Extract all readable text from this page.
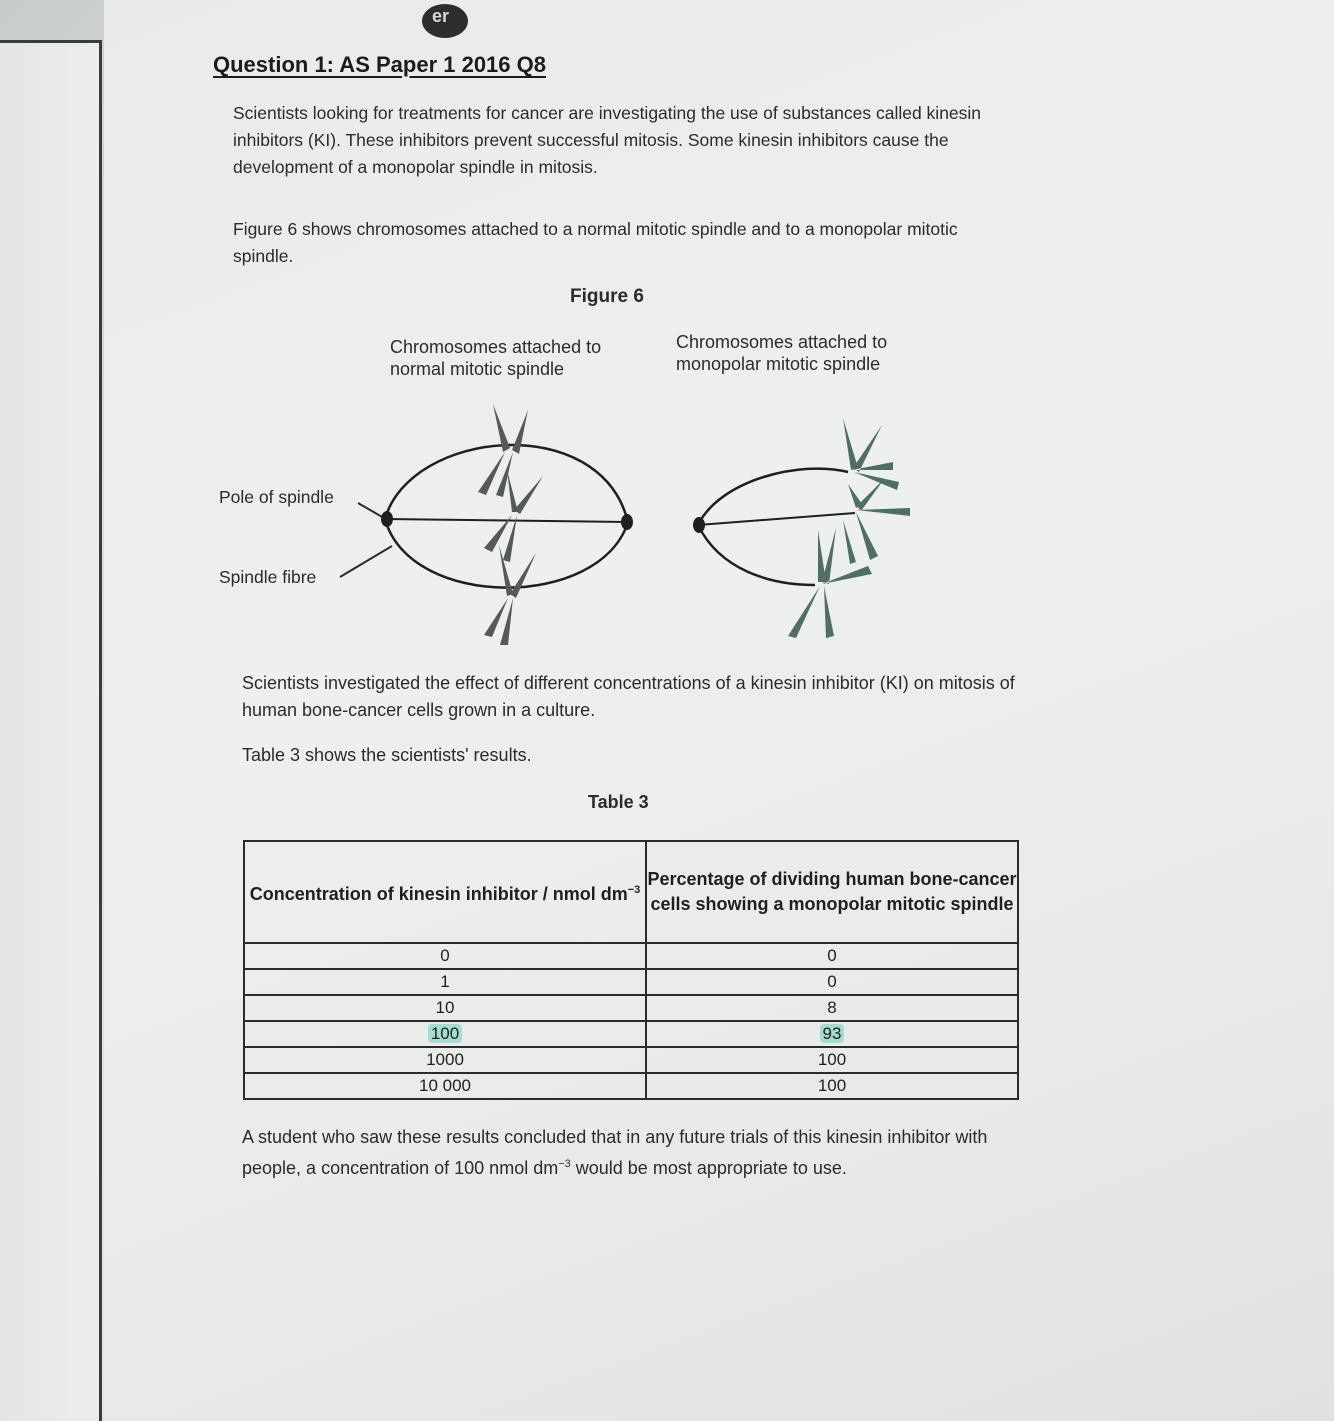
er
Question 1: AS Paper 1 2016 Q8
Scientists looking for treatments for cancer are investigating the use of substances called kinesin inhibitors (KI). These inhibitors prevent successful mitosis. Some kinesin inhibitors cause the development of a monopolar spindle in mitosis.
Figure 6 shows chromosomes attached to a normal mitotic spindle and to a monopolar mitotic spindle.
Figure 6
Chromosomes attached to normal mitotic spindle
Chromosomes attached to monopolar mitotic spindle
Pole of spindle
Spindle fibre
Scientists investigated the effect of different concentrations of a kinesin inhibitor (KI) on mitosis of human bone-cancer cells grown in a culture.
Table 3 shows the scientists' results.
Table 3
Concentration of kinesin inhibitor / nmol $dm^{-3}$	Percentage of dividing human bone-cancer cells showing a monopolar mitotic spindle
0	0
1	0
10	8
100	93
1000	100
10 000	100
A student who saw these results concluded that in any future trials of this kinesin inhibitor with people, a concentration of 100 nmol $dm^{-3}$ would be most appropriate to use.
